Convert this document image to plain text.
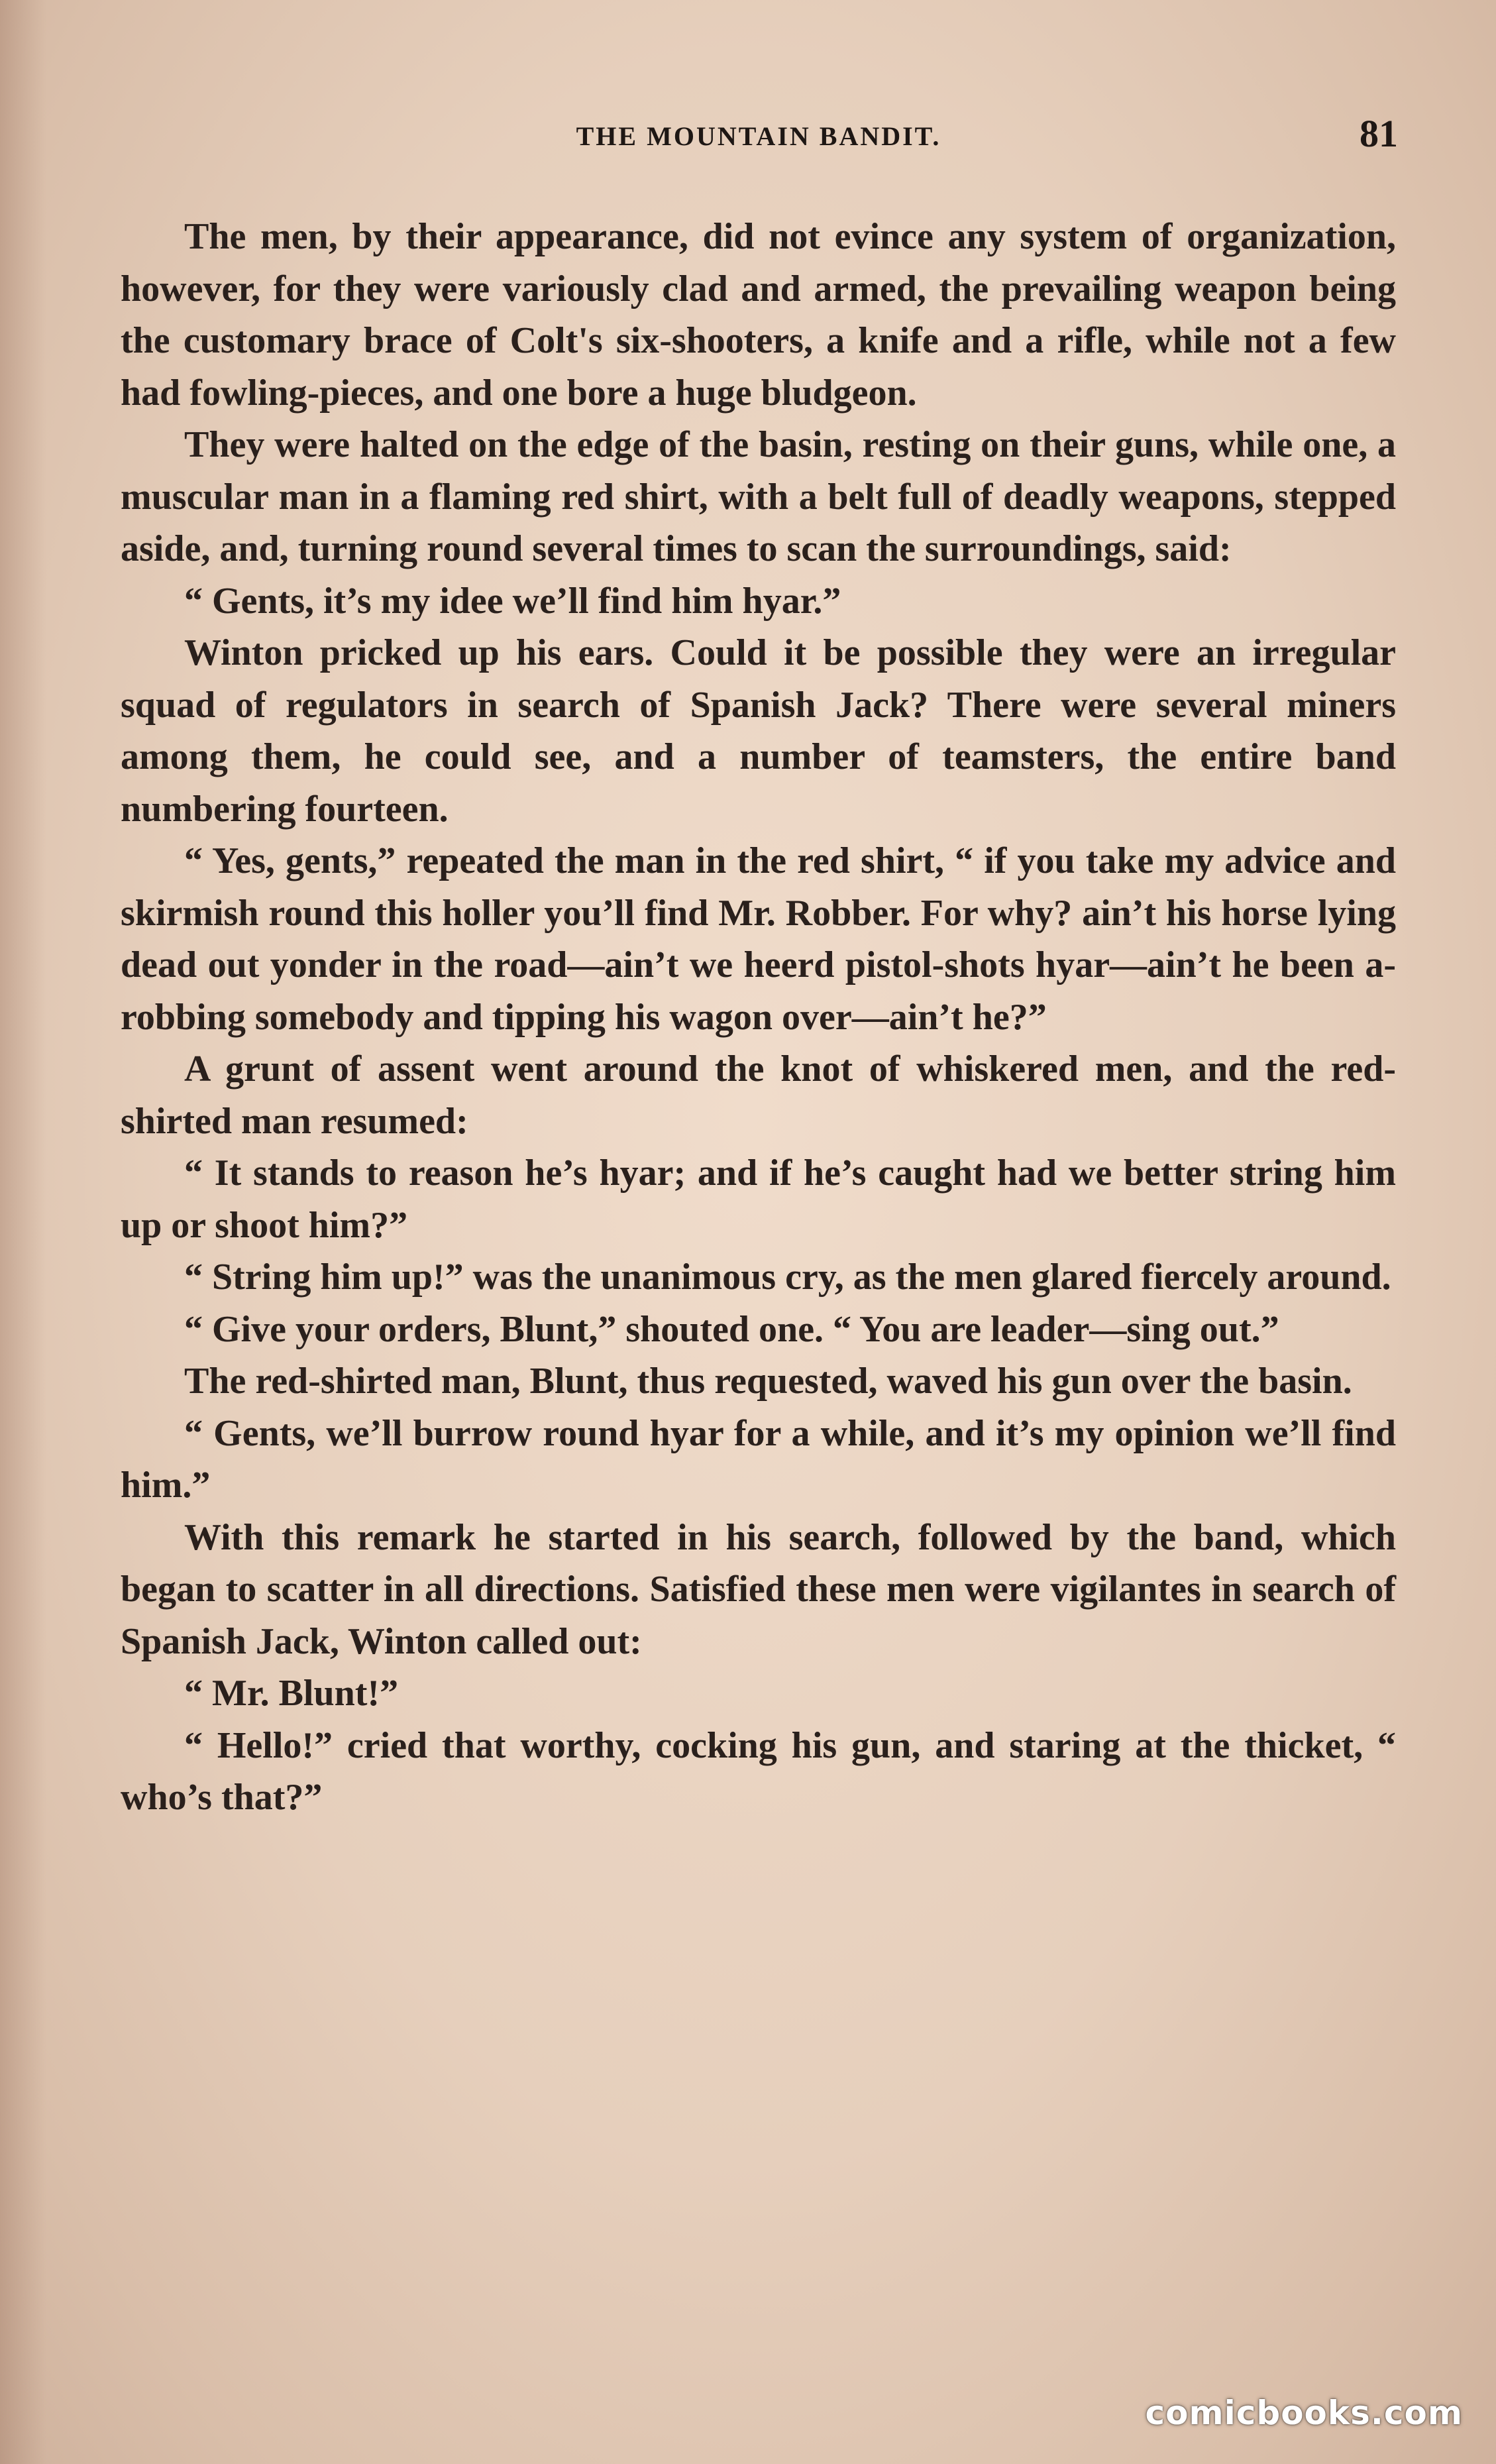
THE MOUNTAIN BANDIT.	81

The men, by their appearance, did not evince any system of organization, however, for they were variously clad and armed, the prevailing weapon being the customary brace of Colt's six-shooters, a knife and a rifle, while not a few had fowling-pieces, and one bore a huge bludgeon.

They were halted on the edge of the basin, resting on their guns, while one, a muscular man in a flaming red shirt, with a belt full of deadly weapons, stepped aside, and, turning round several times to scan the surroundings, said:

“ Gents, it’s my idee we’ll find him hyar.”

Winton pricked up his ears. Could it be possible they were an irregular squad of regulators in search of Spanish Jack? There were several miners among them, he could see, and a number of teamsters, the entire band numbering fourteen.

“ Yes, gents,” repeated the man in the red shirt, “ if you take my advice and skirmish round this holler you’ll find Mr. Robber. For why? ain’t his horse lying dead out yonder in the road—ain’t we heerd pistol-shots hyar—ain’t he been a-robbing somebody and tipping his wagon over—ain’t he?”

A grunt of assent went around the knot of whiskered men, and the red-shirted man resumed:

“ It stands to reason he’s hyar; and if he’s caught had we better string him up or shoot him?”

“ String him up!” was the unanimous cry, as the men glared fiercely around.

“ Give your orders, Blunt,” shouted one. “ You are leader—sing out.”

The red-shirted man, Blunt, thus requested, waved his gun over the basin.

“ Gents, we’ll burrow round hyar for a while, and it’s my opinion we’ll find him.”

With this remark he started in his search, followed by the band, which began to scatter in all directions. Satisfied these men were vigilantes in search of Spanish Jack, Winton called out:

“ Mr. Blunt!”

“ Hello!” cried that worthy, cocking his gun, and staring at the thicket, “ who’s that?”

comicbooks.com
